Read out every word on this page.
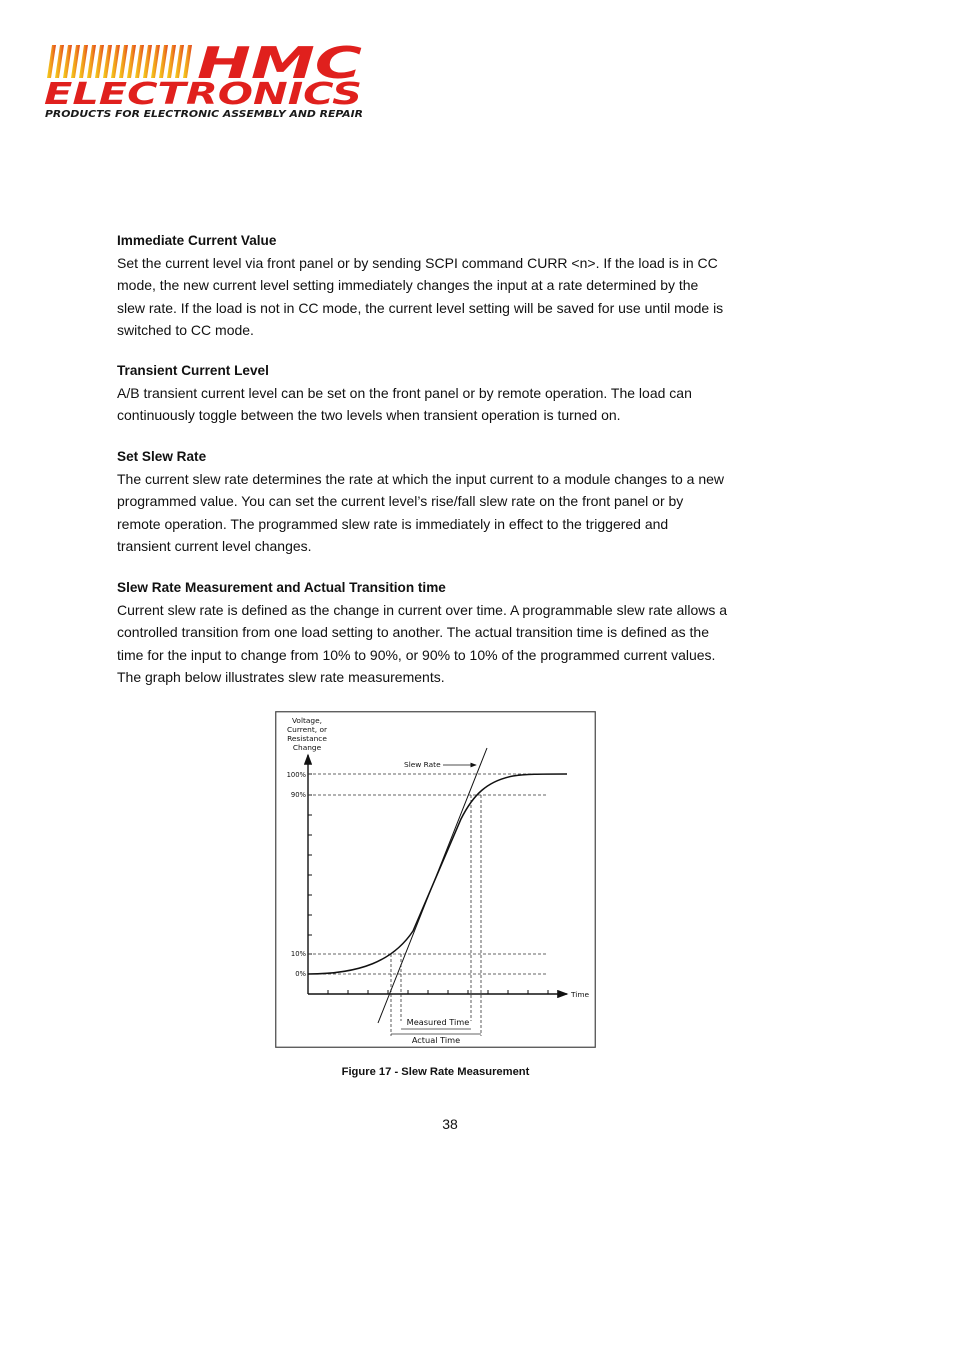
HMC
ELECTRONICS
PRODUCTS FOR ELECTRONIC ASSEMBLY AND REPAIR

Immediate Current Value

Set the current level via front panel or by sending SCPI command CURR <n>. If the load is in CC

mode, the new current level setting immediately changes the input at a rate determined by the

slew rate. If the load is not in CC mode, the current level setting will be saved for use until mode is

switched to CC mode.

Transient Current Level

A/B transient current level can be set on the front panel or by remote operation. The load can

continuously toggle between the two levels when transient operation is turned on.

Set Slew Rate

The current slew rate determines the rate at which the input current to a module changes to a new

programmed value. You can set the current level’s rise/fall slew rate on the front panel or by

remote operation. The programmed slew rate is immediately in effect to the triggered and

transient current level changes.

Slew Rate Measurement and Actual Transition time

Current slew rate is defined as the change in current over time. A programmable slew rate allows a

controlled transition from one load setting to another. The actual transition time is defined as the

time for the input to change from 10% to 90%, or 90% to 10% of the programmed current values.

The graph below illustrates slew rate measurements.

Voltage,
Current, or
Resistance
Change
Time
100%
90%
10%
0%
Slew Rate
Measured Time
Actual Time
Figure 17 - Slew Rate Measurement
38
